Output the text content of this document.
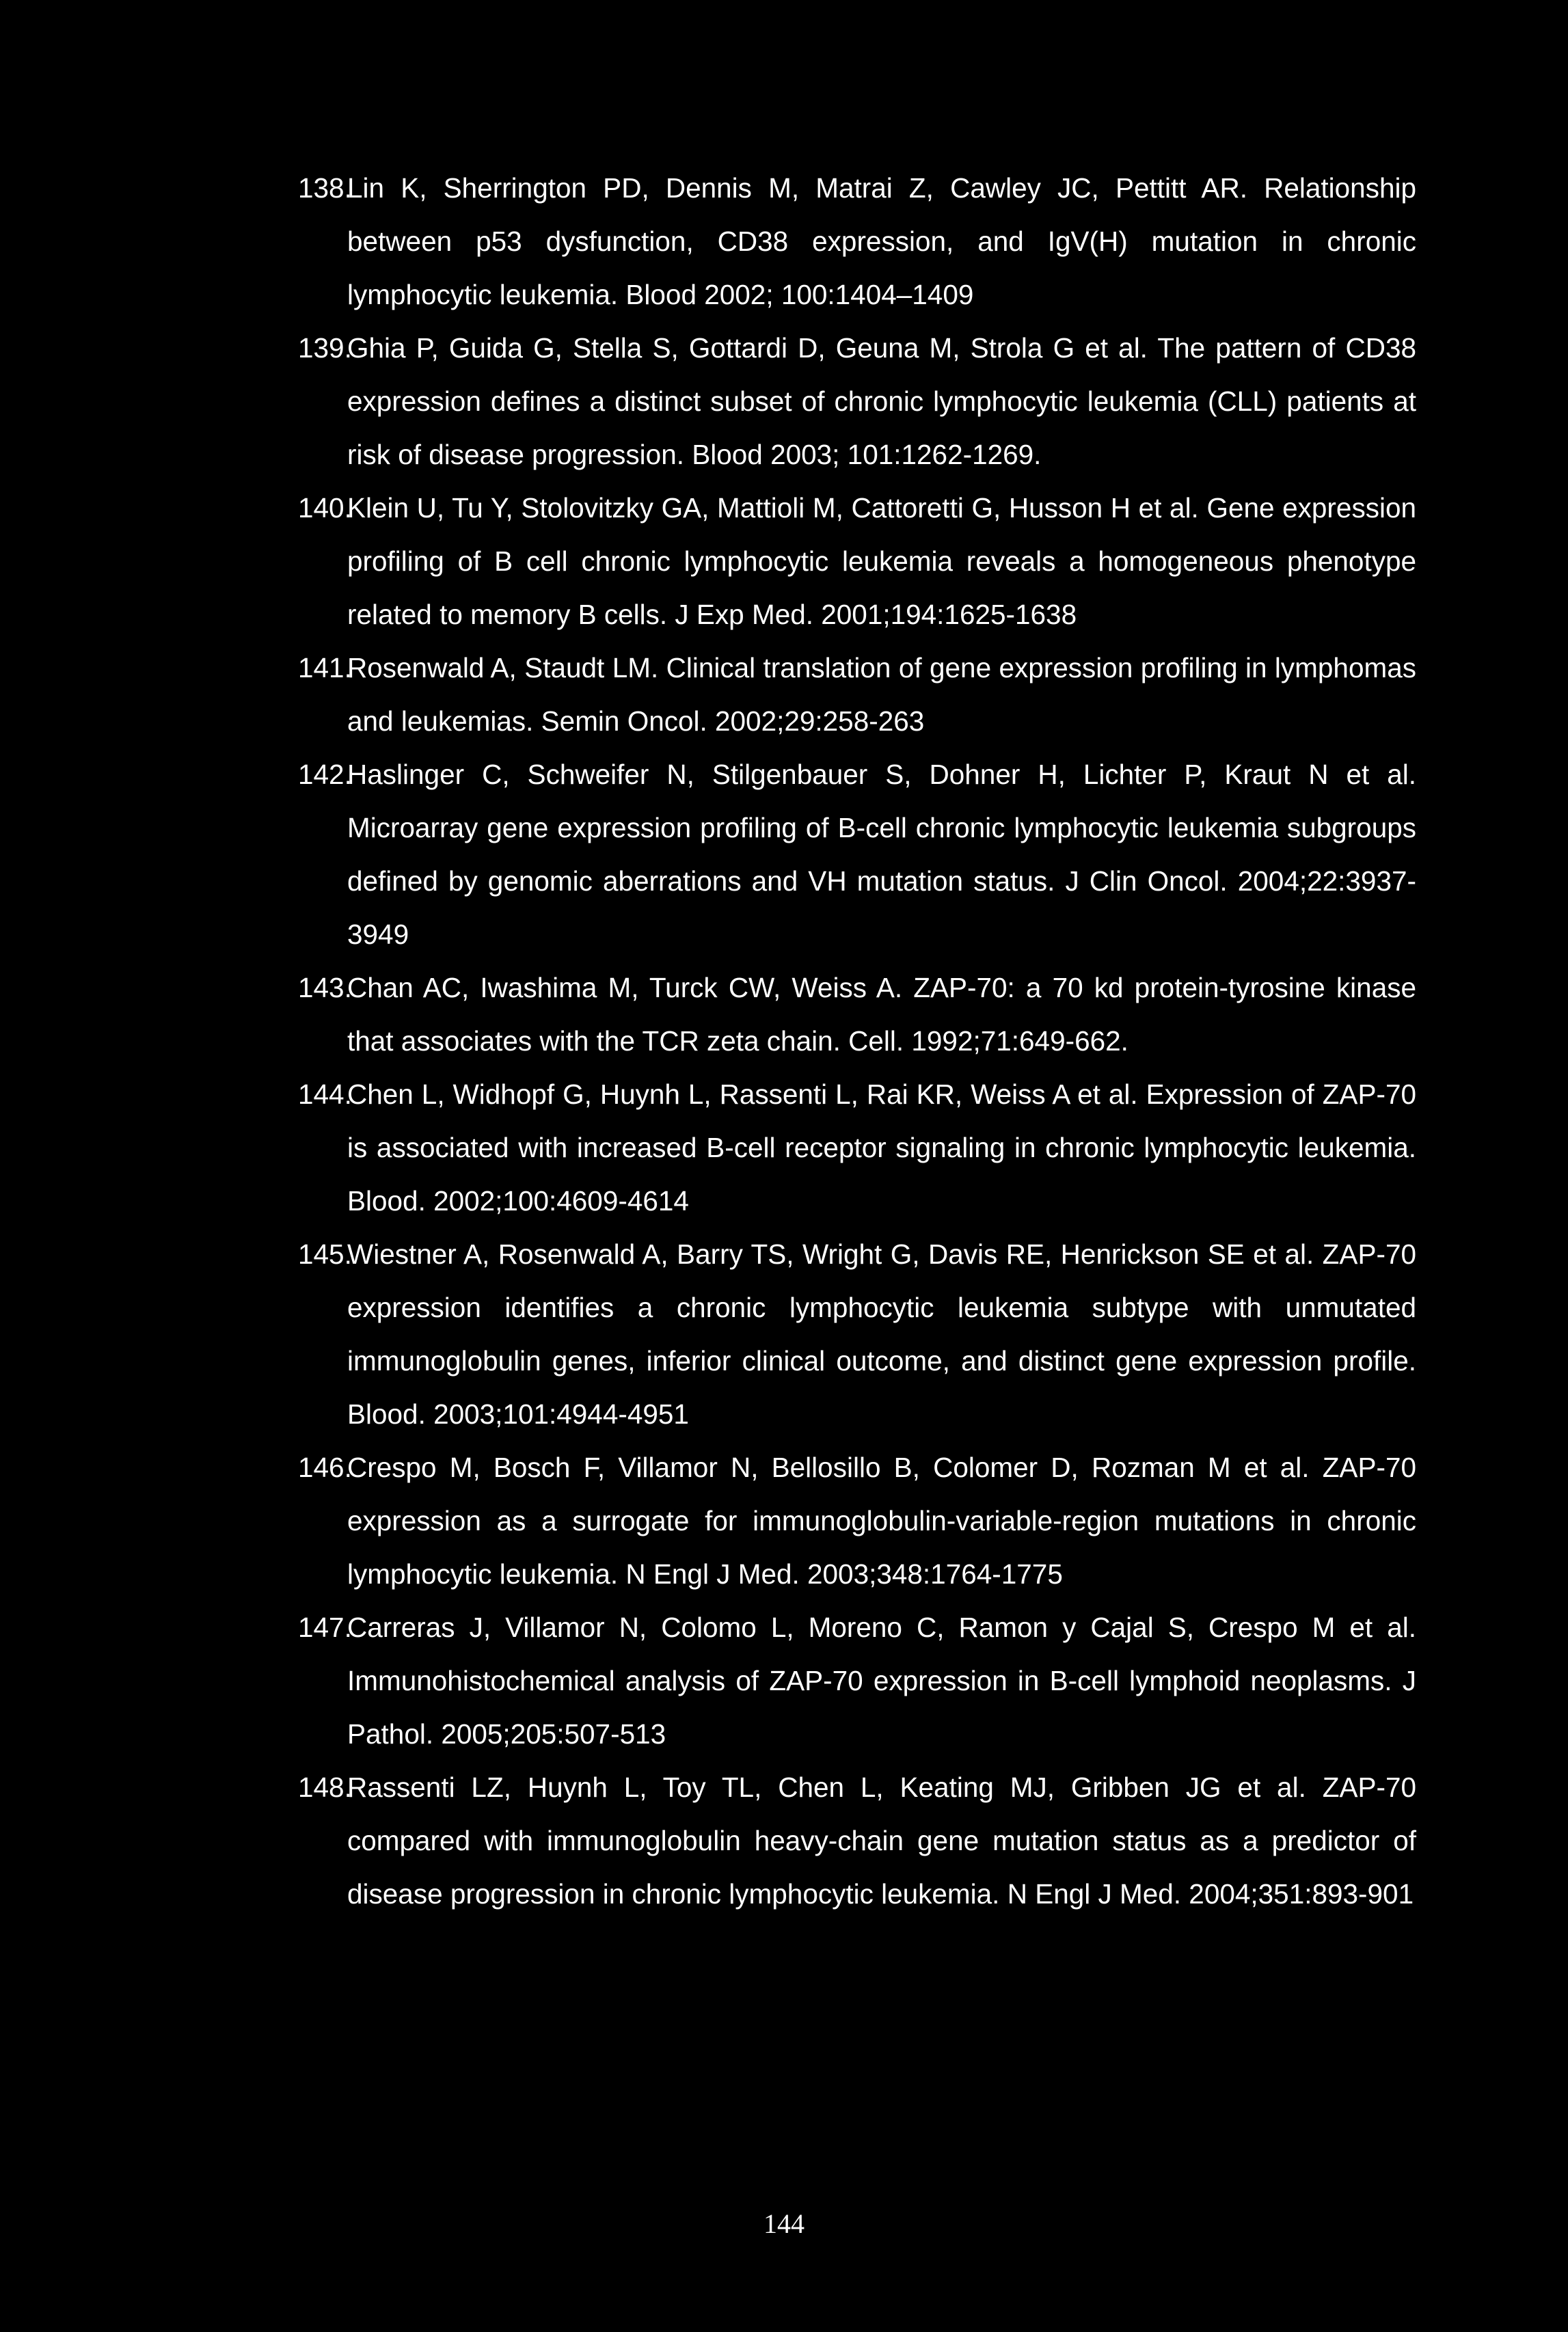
138.
Lin K, Sherrington PD, Dennis M, Matrai Z, Cawley JC, Pettitt AR. Relationship between p53 dysfunction, CD38 expression, and IgV(H) mutation in chronic lymphocytic leukemia. Blood 2002; 100:1404–1409
139.
Ghia P, Guida G, Stella S, Gottardi D, Geuna M, Strola G et al. The pattern of CD38 expression defines a distinct subset of chronic lymphocytic leukemia (CLL) patients at risk of disease progression. Blood 2003; 101:1262-1269.
140.
Klein U, Tu Y, Stolovitzky GA, Mattioli M, Cattoretti G, Husson H et al. Gene expression profiling of B cell chronic lymphocytic leukemia reveals a homogeneous phenotype related to memory B cells. J Exp Med. 2001;194:1625-1638
141.
Rosenwald A, Staudt LM. Clinical translation of gene expression profiling in lymphomas and leukemias. Semin Oncol. 2002;29:258-263
142.
Haslinger C, Schweifer N, Stilgenbauer S, Dohner H, Lichter P, Kraut N et al. Microarray gene expression profiling of B-cell chronic lymphocytic leukemia subgroups defined by genomic aberrations and VH mutation status. J Clin Oncol. 2004;22:3937-3949
143.
Chan AC, Iwashima M, Turck CW, Weiss A. ZAP-70: a 70 kd protein-tyrosine kinase that associates with the TCR zeta chain. Cell. 1992;71:649-662.
144.
Chen L, Widhopf G, Huynh L, Rassenti L, Rai KR, Weiss A et al. Expression of ZAP-70 is associated with increased B-cell receptor signaling in chronic lymphocytic leukemia. Blood. 2002;100:4609-4614
145.
Wiestner A, Rosenwald A, Barry TS, Wright G, Davis RE, Henrickson SE et al. ZAP-70 expression identifies a chronic lymphocytic leukemia subtype with unmutated immunoglobulin genes, inferior clinical outcome, and distinct gene expression profile. Blood. 2003;101:4944-4951
146.
Crespo M, Bosch F, Villamor N, Bellosillo B, Colomer D, Rozman M et al. ZAP-70 expression as a surrogate for immunoglobulin-variable-region mutations in chronic lymphocytic leukemia. N Engl J Med. 2003;348:1764-1775
147.
Carreras J, Villamor N, Colomo L, Moreno C, Ramon y Cajal S, Crespo M et al. Immunohistochemical analysis of ZAP-70 expression in B-cell lymphoid neoplasms. J Pathol. 2005;205:507-513
148.
Rassenti LZ, Huynh L, Toy TL, Chen L, Keating MJ, Gribben JG et al. ZAP-70 compared with immunoglobulin heavy-chain gene mutation status as a predictor of disease progression in chronic lymphocytic leukemia. N Engl J Med. 2004;351:893-901
144
